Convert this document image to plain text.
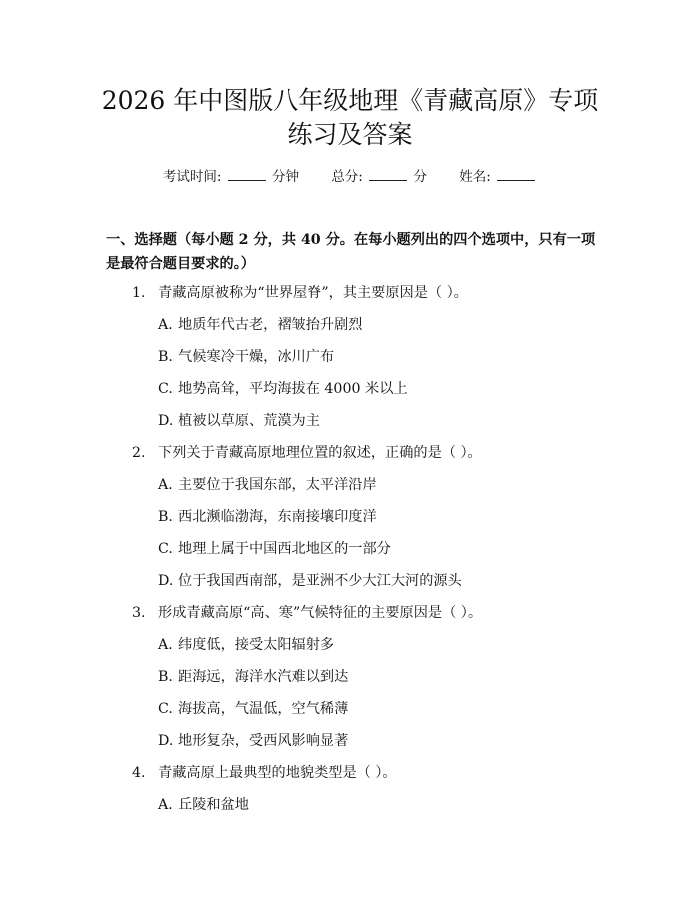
2026 年中图版八年级地理《青藏高原》专项
练习及答案
考试时间:	分钟 总分:	分 姓名:
一、选择题（每小题 2 分，共 40 分。在每小题列出的四个选项中，只有一项是最符合题目要求的。）
1. 青藏高原被称为“世界屋脊”，其主要原因是（ ）。
A. 地质年代古老，褶皱抬升剧烈
B. 气候寒冷干燥，冰川广布
C. 地势高耸，平均海拔在 4000 米以上
D. 植被以草原、荒漠为主
2. 下列关于青藏高原地理位置的叙述，正确的是（ ）。
A. 主要位于我国东部，太平洋沿岸
B. 西北濒临渤海，东南接壤印度洋
C. 地理上属于中国西北地区的一部分
D. 位于我国西南部，是亚洲不少大江大河的源头
3. 形成青藏高原“高、寒”气候特征的主要原因是（ ）。
A. 纬度低，接受太阳辐射多
B. 距海远，海洋水汽难以到达
C. 海拔高，气温低，空气稀薄
D. 地形复杂，受西风影响显著
4. 青藏高原上最典型的地貌类型是（ ）。
A. 丘陵和盆地
